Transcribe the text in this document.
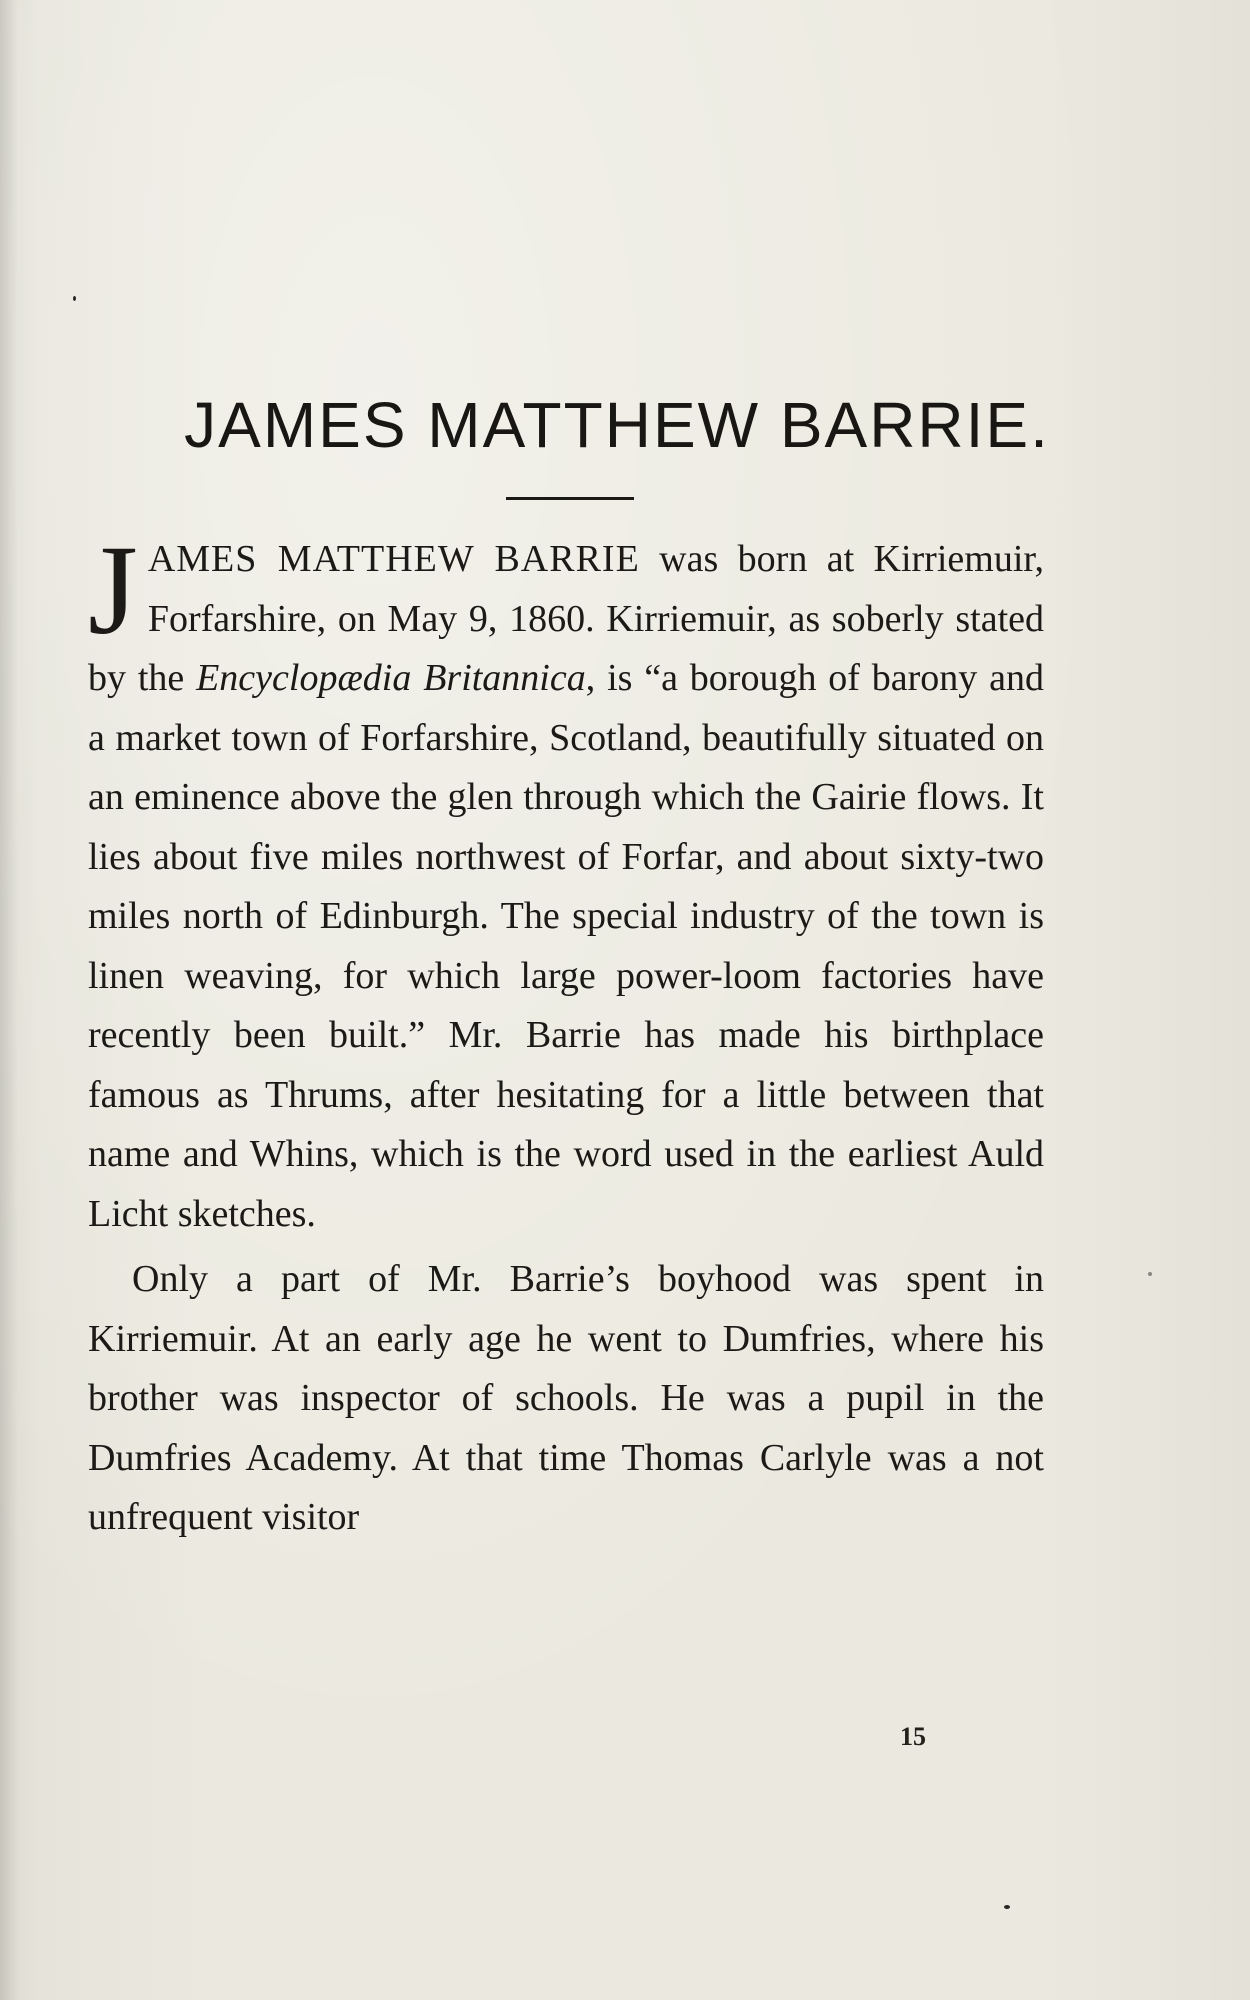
JAMES MATTHEW BARRIE.

JAMES MATTHEW BARRIE was born at Kirriemuir, Forfarshire, on May 9, 1860. Kirriemuir, as soberly stated by the Encyclopædia Britannica, is “a borough of barony and a market town of Forfarshire, Scotland, beautifully situated on an eminence above the glen through which the Gairie flows. It lies about five miles northwest of Forfar, and about sixty-two miles north of Edinburgh. The special industry of the town is linen weaving, for which large power-loom factories have recently been built.” Mr. Barrie has made his birthplace famous as Thrums, after hesitating for a little between that name and Whins, which is the word used in the earliest Auld Licht sketches.

Only a part of Mr. Barrie’s boyhood was spent in Kirriemuir. At an early age he went to Dumfries, where his brother was inspector of schools. He was a pupil in the Dumfries Academy. At that time Thomas Carlyle was a not unfrequent visitor

15
